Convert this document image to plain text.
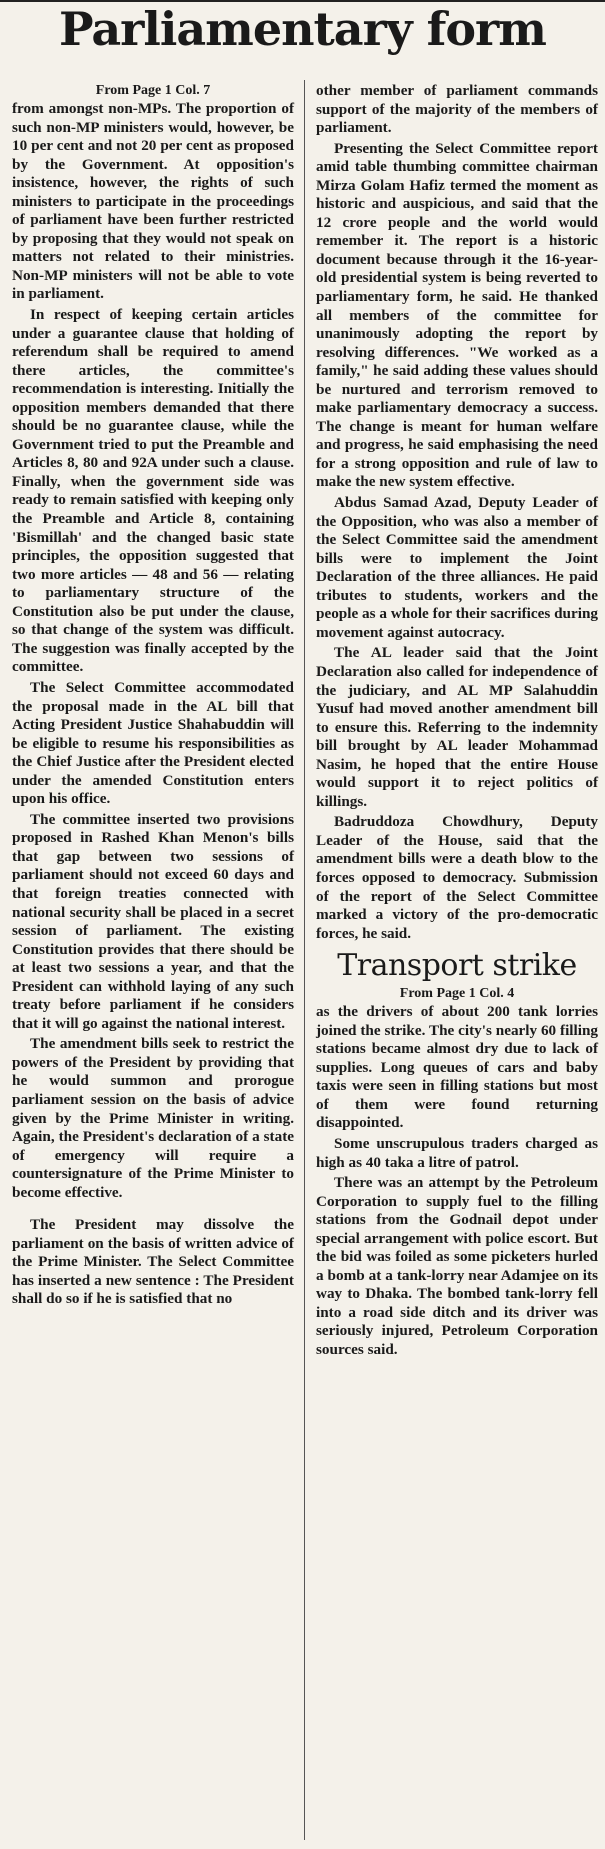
Parliamentary form
From Page 1 Col. 7

from amongst non-MPs. The proportion of such non-MP ministers would, however, be 10 per cent and not 20 per cent as proposed by the Government. At opposition's insistence, however, the rights of such ministers to participate in the proceedings of parliament have been further restricted by proposing that they would not speak on matters not related to their ministries. Non-MP ministers will not be able to vote in parliament.

In respect of keeping certain articles under a guarantee clause that holding of referendum shall be required to amend there articles, the committee's recommendation is interesting. Initially the opposition members demanded that there should be no guarantee clause, while the Government tried to put the Preamble and Articles 8, 80 and 92A under such a clause. Finally, when the government side was ready to remain satisfied with keeping only the Preamble and Article 8, containing 'Bismillah' and the changed basic state principles, the opposition suggested that two more articles — 48 and 56 — relating to parliamentary structure of the Constitution also be put under the clause, so that change of the system was difficult. The suggestion was finally accepted by the committee.

The Select Committee accommodated the proposal made in the AL bill that Acting President Justice Shahabuddin will be eligible to resume his responsibilities as the Chief Justice after the President elected under the amended Constitution enters upon his office.

The committee inserted two provisions proposed in Rashed Khan Menon's bills that gap between two sessions of parliament should not exceed 60 days and that foreign treaties connected with national security shall be placed in a secret session of parliament. The existing Constitution provides that there should be at least two sessions a year, and that the President can withhold laying of any such treaty before parliament if he considers that it will go against the national interest.

The amendment bills seek to restrict the powers of the President by providing that he would summon and prorogue parliament session on the basis of advice given by the Prime Minister in writing. Again, the President's declaration of a state of emergency will require a countersignature of the Prime Minister to become effective.

The President may dissolve the parliament on the basis of written advice of the Prime Minister. The Select Committee has inserted a new sentence : The President shall do so if he is satisfied that no

other member of parliament commands support of the majority of the members of parliament.

Presenting the Select Committee report amid table thumbing committee chairman Mirza Golam Hafiz termed the moment as historic and auspicious, and said that the 12 crore people and the world would remember it. The report is a historic document because through it the 16-year-old presidential system is being reverted to parliamentary form, he said. He thanked all members of the committee for unanimously adopting the report by resolving differences. "We worked as a family," he said adding these values should be nurtured and terrorism removed to make parliamentary democracy a success. The change is meant for human welfare and progress, he said emphasising the need for a strong opposition and rule of law to make the new system effective.

Abdus Samad Azad, Deputy Leader of the Opposition, who was also a member of the Select Committee said the amendment bills were to implement the Joint Declaration of the three alliances. He paid tributes to students, workers and the people as a whole for their sacrifices during movement against autocracy.

The AL leader said that the Joint Declaration also called for independence of the judiciary, and AL MP Salahuddin Yusuf had moved another amendment bill to ensure this. Referring to the indemnity bill brought by AL leader Mohammad Nasim, he hoped that the entire House would support it to reject politics of killings.

Badruddoza Chowdhury, Deputy Leader of the House, said that the amendment bills were a death blow to the forces opposed to democracy. Submission of the report of the Select Committee marked a victory of the pro-democratic forces, he said.

Transport strike
From Page 1 Col. 4

as the drivers of about 200 tank lorries joined the strike. The city's nearly 60 filling stations became almost dry due to lack of supplies. Long queues of cars and baby taxis were seen in filling stations but most of them were found returning disappointed.

Some unscrupulous traders charged as high as 40 taka a litre of patrol.

There was an attempt by the Petroleum Corporation to supply fuel to the filling stations from the Godnail depot under special arrangement with police escort. But the bid was foiled as some picketers hurled a bomb at a tank-lorry near Adamjee on its way to Dhaka. The bombed tank-lorry fell into a road side ditch and its driver was seriously injured, Petroleum Corporation sources said.
